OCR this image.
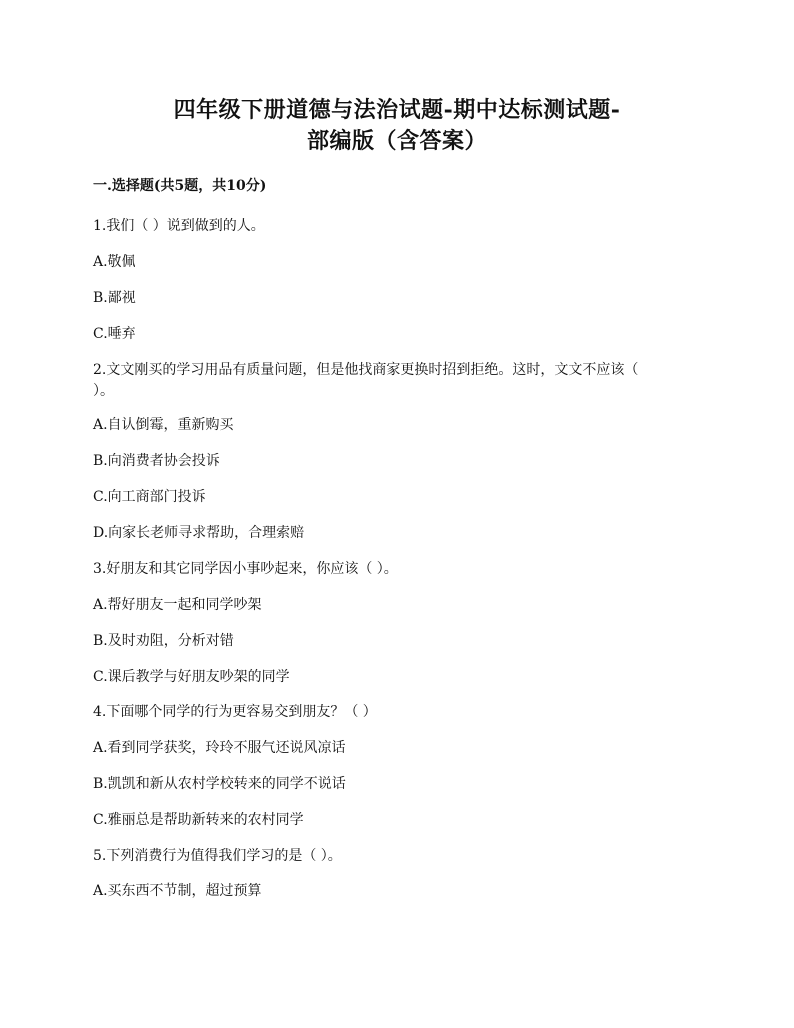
四年级下册道德与法治试题-期中达标测试题-
部编版（含答案）
一.选择题(共5题，共10分)
1.我们（ ）说到做到的人。
A.敬佩
B.鄙视
C.唾弃
2.文文刚买的学习用品有质量问题，但是他找商家更换时招到拒绝。这时，文文不应该（
）。
A.自认倒霉，重新购买
B.向消费者协会投诉
C.向工商部门投诉
D.向家长老师寻求帮助，合理索赔
3.好朋友和其它同学因小事吵起来，你应该（ ）。
A.帮好朋友一起和同学吵架
B.及时劝阻，分析对错
C.课后教学与好朋友吵架的同学
4.下面哪个同学的行为更容易交到朋友？（ ）
A.看到同学获奖，玲玲不服气还说风凉话
B.凯凯和新从农村学校转来的同学不说话
C.雅丽总是帮助新转来的农村同学
5.下列消费行为值得我们学习的是（ ）。
A.买东西不节制，超过预算
